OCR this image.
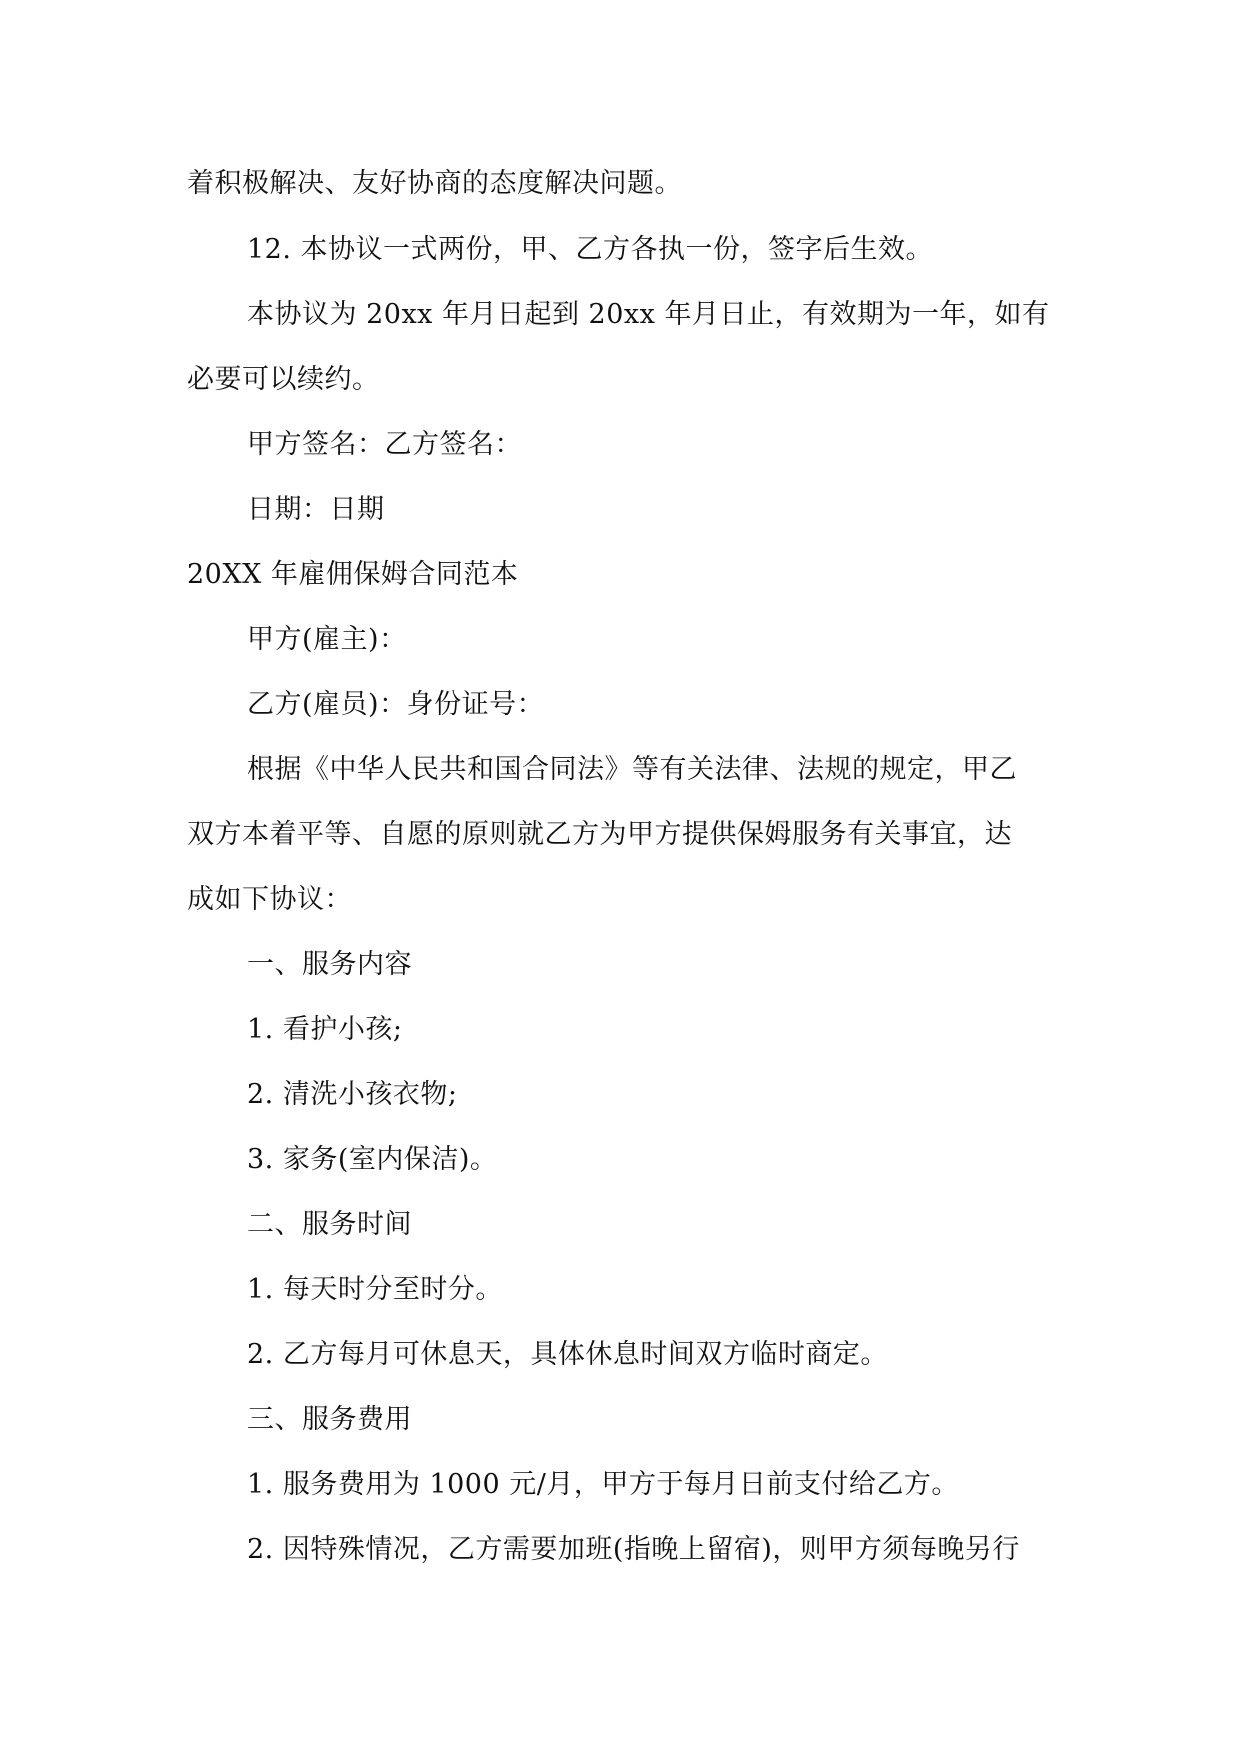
着积极解决、友好协商的态度解决问题。
12. 本协议一式两份，甲、乙方各执一份，签字后生效。
本协议为 20xx 年月日起到 20xx 年月日止，有效期为一年，如有
必要可以续约。
甲方签名：乙方签名：
日期：日期
20XX 年雇佣保姆合同范本
甲方(雇主)：
乙方(雇员)：身份证号：
根据《中华人民共和国合同法》等有关法律、法规的规定，甲乙
双方本着平等、自愿的原则就乙方为甲方提供保姆服务有关事宜，达
成如下协议：
一、服务内容
1. 看护小孩;
2. 清洗小孩衣物;
3. 家务(室内保洁)。
二、服务时间
1. 每天时分至时分。
2. 乙方每月可休息天，具体休息时间双方临时商定。
三、服务费用
1. 服务费用为 1000 元/月，甲方于每月日前支付给乙方。
2. 因特殊情况，乙方需要加班(指晚上留宿)，则甲方须每晚另行
